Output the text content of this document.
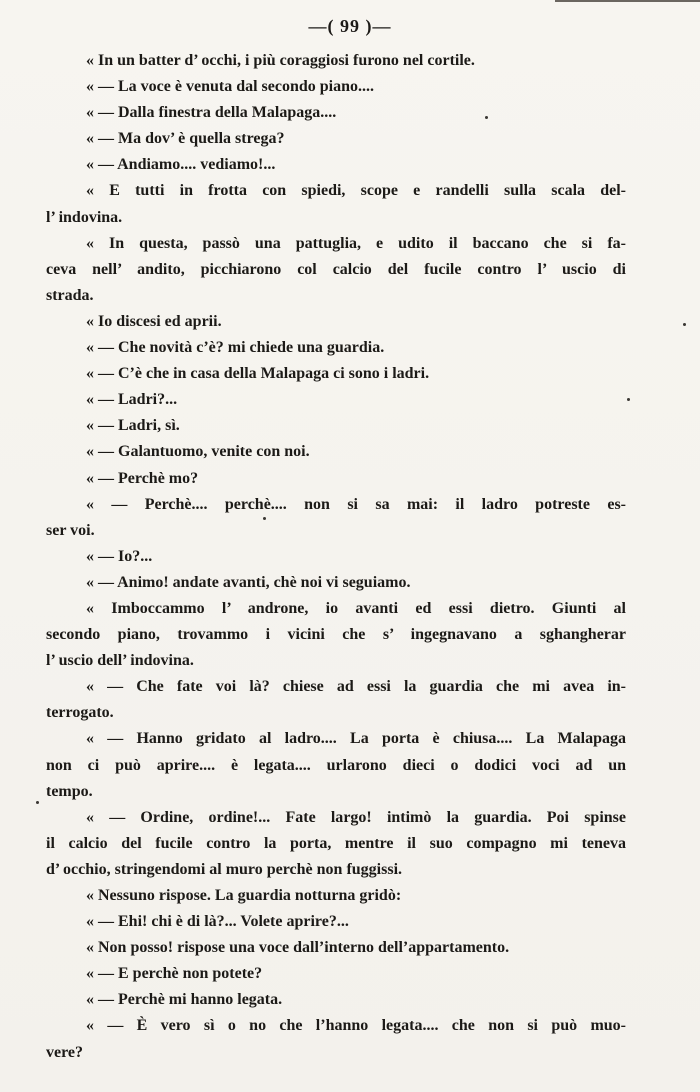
—( 99 )—
« In un batter d’ occhi, i più coraggiosi furono nel cortile.
« — La voce è venuta dal secondo piano....
« — Dalla finestra della Malapaga....
« — Ma dov’ è quella strega?
« — Andiamo.... vediamo!...
« E tutti in frotta con spiedi, scope e randelli sulla scala del-
l’ indovina.
« In questa, passò una pattuglia, e udito il baccano che si fa-
ceva nell’ andito, picchiarono col calcio del fucile contro l’ uscio di
strada.
« Io discesi ed aprii.
« — Che novità c’è? mi chiede una guardia.
« — C’è che in casa della Malapaga ci sono i ladri.
« — Ladri?...
« — Ladri, sì.
« — Galantuomo, venite con noi.
« — Perchè mo?
« — Perchè.... perchè.... non si sa mai: il ladro potreste es-
ser voi.
« — Io?...
« — Animo! andate avanti, chè noi vi seguiamo.
« Imboccammo l’ androne, io avanti ed essi dietro. Giunti al
secondo piano, trovammo i vicini che s’ ingegnavano a sghangherar
l’ uscio dell’ indovina.
« — Che fate voi là? chiese ad essi la guardia che mi avea in-
terrogato.
« — Hanno gridato al ladro.... La porta è chiusa.... La Malapaga
non ci può aprire.... è legata.... urlarono dieci o dodici voci ad un
tempo.
« — Ordine, ordine!... Fate largo! intimò la guardia. Poi spinse
il calcio del fucile contro la porta, mentre il suo compagno mi teneva
d’ occhio, stringendomi al muro perchè non fuggissi.
« Nessuno rispose. La guardia notturna gridò:
« — Ehi! chi è di là?... Volete aprire?...
« Non posso! rispose una voce dall’interno dell’appartamento.
« — E perchè non potete?
« — Perchè mi hanno legata.
« — È vero sì o no che l’hanno legata.... che non si può muo-
vere?
